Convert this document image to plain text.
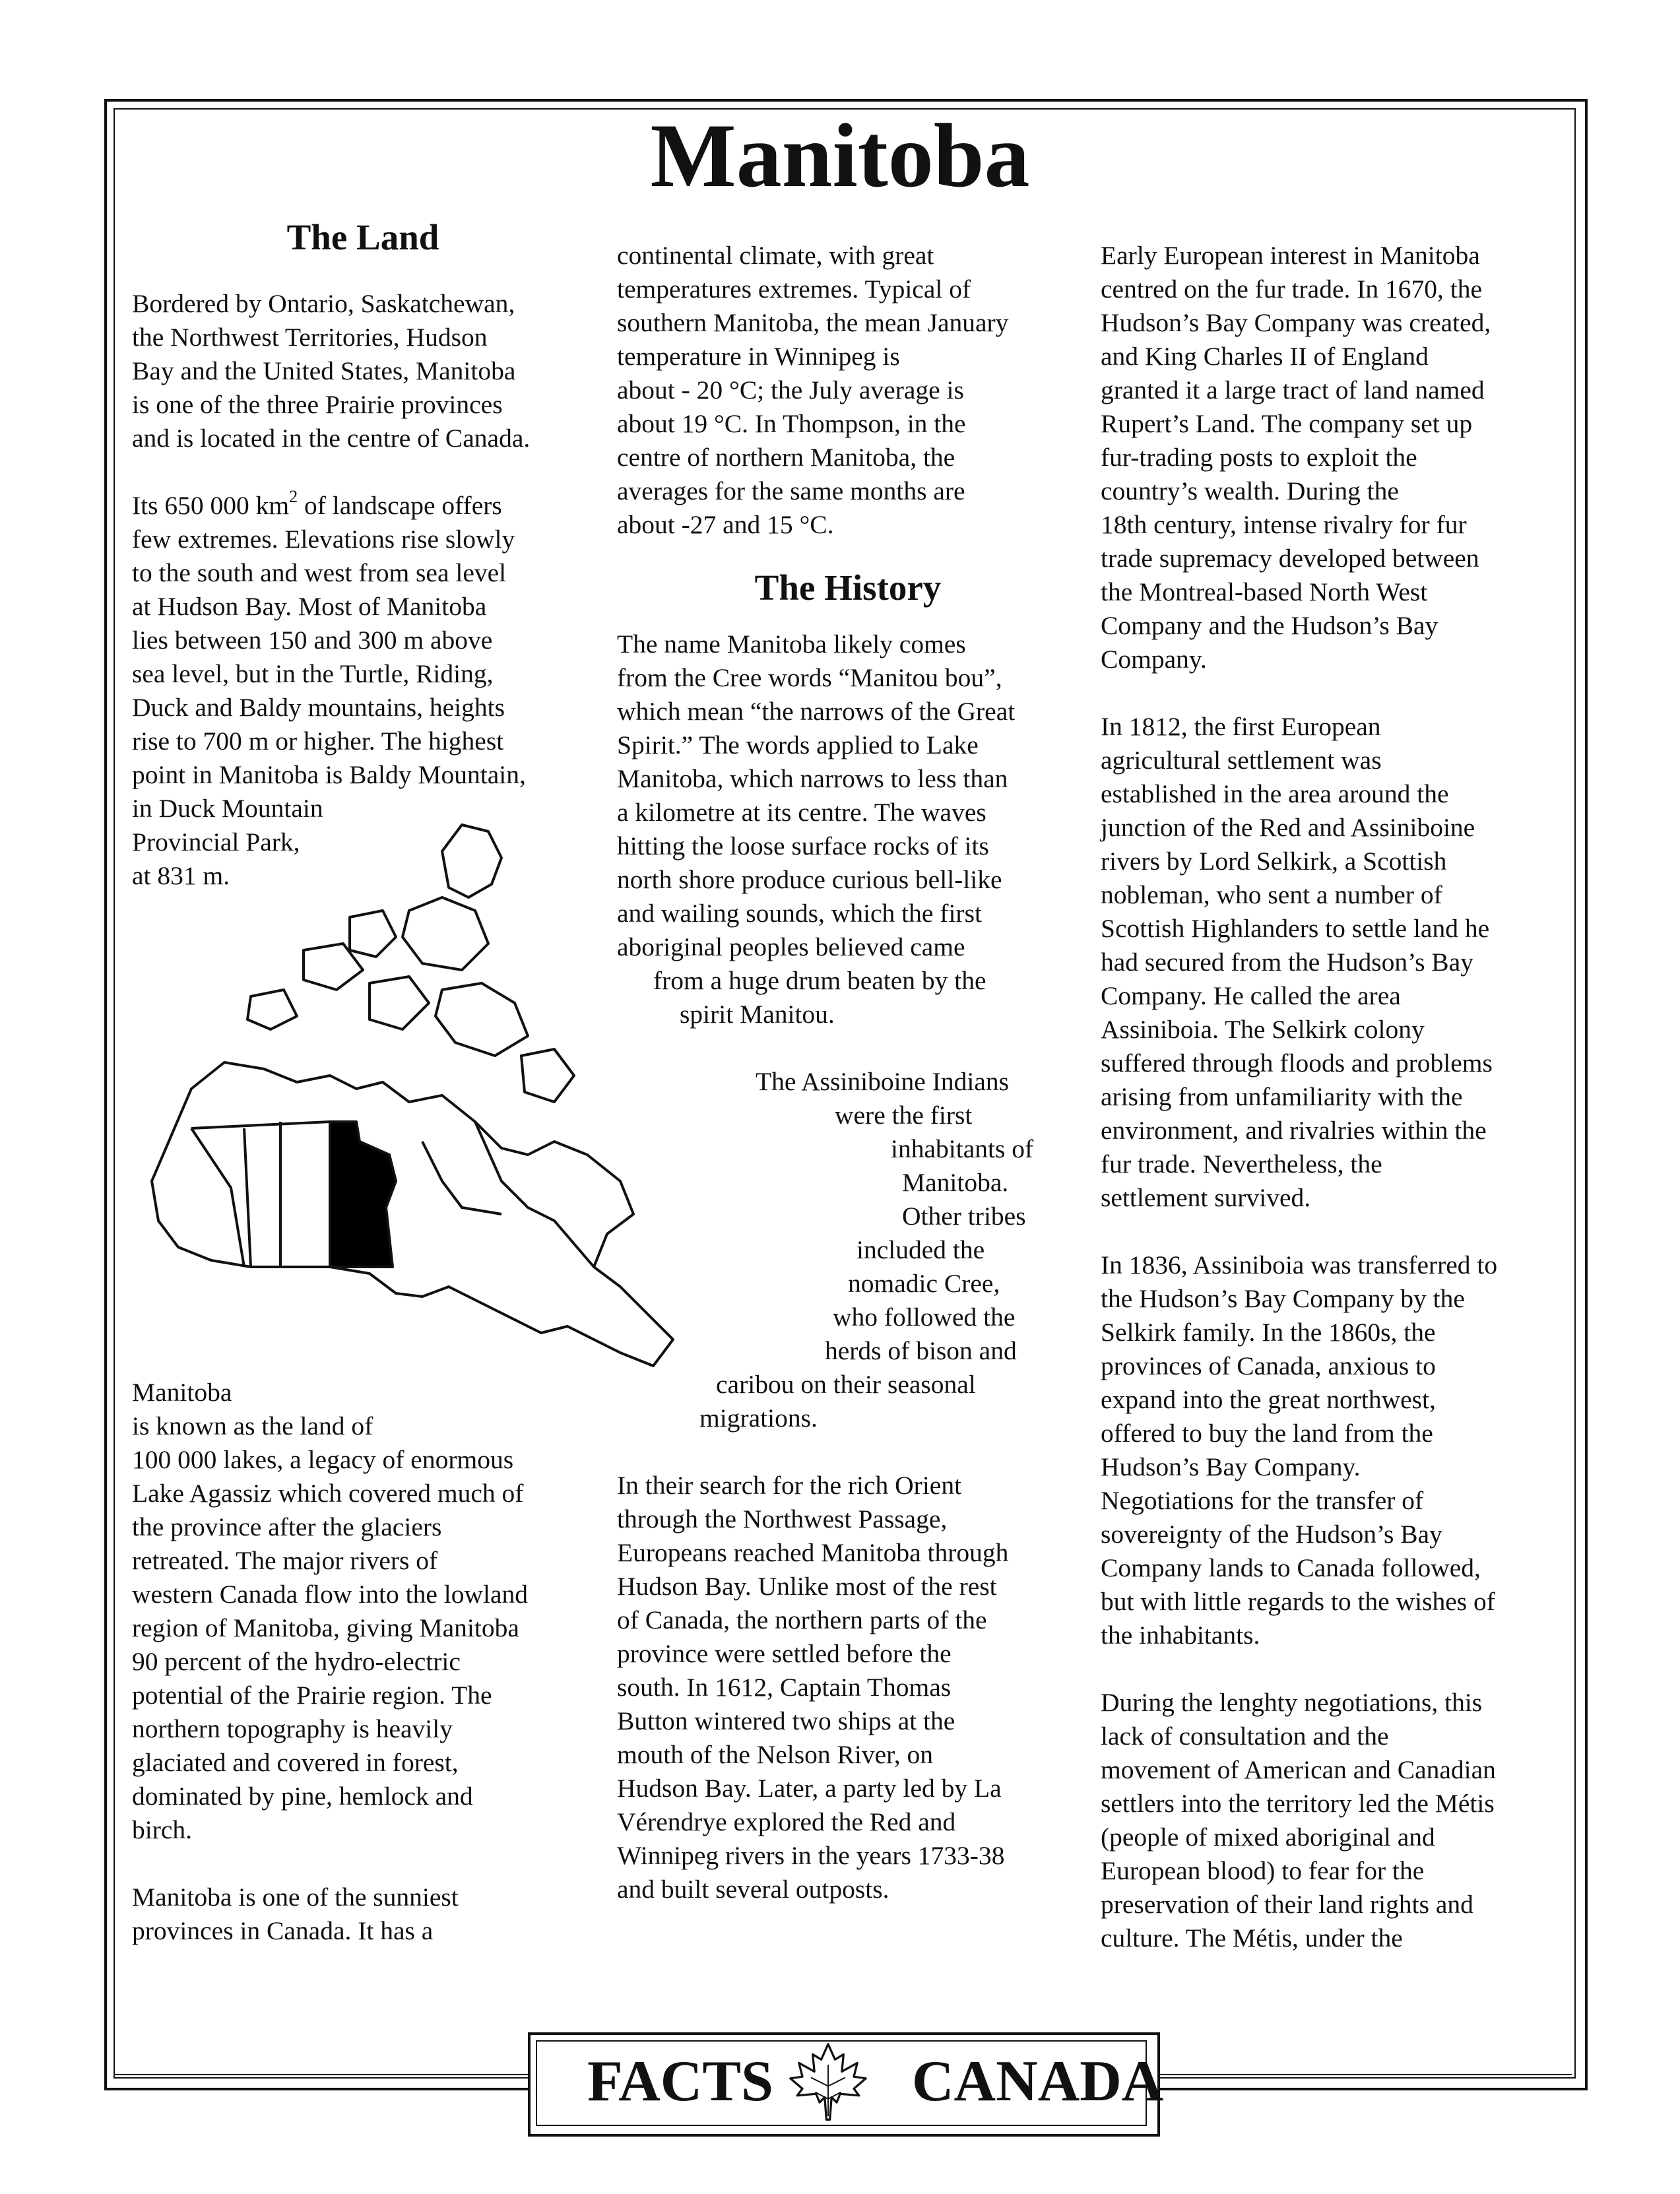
Manitoba
The Land

Bordered by Ontario, Saskatchewan,

the Northwest Territories, Hudson

Bay and the United States, Manitoba

is one of the three Prairie provinces

and is located in the centre of Canada.

Its 650 000 $km^2$ of landscape offers

few extremes. Elevations rise slowly

to the south and west from sea level

at Hudson Bay. Most of Manitoba

lies between 150 and 300 m above

sea level, but in the Turtle, Riding,

Duck and Baldy mountains, heights

rise to 700 m or higher. The highest

point in Manitoba is Baldy Mountain,

in Duck Mountain

Provincial Park,

at 831 m.

Manitoba

is known as the land of

100 000 lakes, a legacy of enormous

Lake Agassiz which covered much of

the province after the glaciers

retreated. The major rivers of

western Canada flow into the lowland

region of Manitoba, giving Manitoba

90 percent of the hydro-electric

potential of the Prairie region. The

northern topography is heavily

glaciated and covered in forest,

dominated by pine, hemlock and

birch.

Manitoba is one of the sunniest

provinces in Canada. It has a

continental climate, with great

temperatures extremes. Typical of

southern Manitoba, the mean January

temperature in Winnipeg is

about - 20 °C; the July average is

about 19 °C. In Thompson, in the

centre of northern Manitoba, the

averages for the same months are

about -27 and 15 °C.

The History

The name Manitoba likely comes

from the Cree words “Manitou bou”,

which mean “the narrows of the Great

Spirit.” The words applied to Lake

Manitoba, which narrows to less than

a kilometre at its centre. The waves

hitting the loose surface rocks of its

north shore produce curious bell-like

and wailing sounds, which the first

aboriginal peoples believed came

from a huge drum beaten by the

spirit Manitou.

The Assiniboine Indians

were the first

inhabitants of

Manitoba.

Other tribes

included the

nomadic Cree,

who followed the

herds of bison and

caribou on their seasonal

migrations.

In their search for the rich Orient

through the Northwest Passage,

Europeans reached Manitoba through

Hudson Bay. Unlike most of the rest

of Canada, the northern parts of the

province were settled before the

south. In 1612, Captain Thomas

Button wintered two ships at the

mouth of the Nelson River, on

Hudson Bay. Later, a party led by La

Vérendrye explored the Red and

Winnipeg rivers in the years 1733-38

and built several outposts.

Early European interest in Manitoba

centred on the fur trade. In 1670, the

Hudson’s Bay Company was created,

and King Charles II of England

granted it a large tract of land named

Rupert’s Land. The company set up

fur-trading posts to exploit the

country’s wealth. During the

18th century, intense rivalry for fur

trade supremacy developed between

the Montreal-based North West

Company and the Hudson’s Bay

Company.

In 1812, the first European

agricultural settlement was

established in the area around the

junction of the Red and Assiniboine

rivers by Lord Selkirk, a Scottish

nobleman, who sent a number of

Scottish Highlanders to settle land he

had secured from the Hudson’s Bay

Company. He called the area

Assiniboia. The Selkirk colony

suffered through floods and problems

arising from unfamiliarity with the

environment, and rivalries within the

fur trade. Nevertheless, the

settlement survived.

In 1836, Assiniboia was transferred to

the Hudson’s Bay Company by the

Selkirk family. In the 1860s, the

provinces of Canada, anxious to

expand into the great northwest,

offered to buy the land from the

Hudson’s Bay Company.

Negotiations for the transfer of

sovereignty of the Hudson’s Bay

Company lands to Canada followed,

but with little regards to the wishes of

the inhabitants.

During the lenghty negotiations, this

lack of consultation and the

movement of American and Canadian

settlers into the territory led the Métis

(people of mixed aboriginal and

European blood) to fear for the

preservation of their land rights and

culture. The Métis, under the

FACTS CANADA
